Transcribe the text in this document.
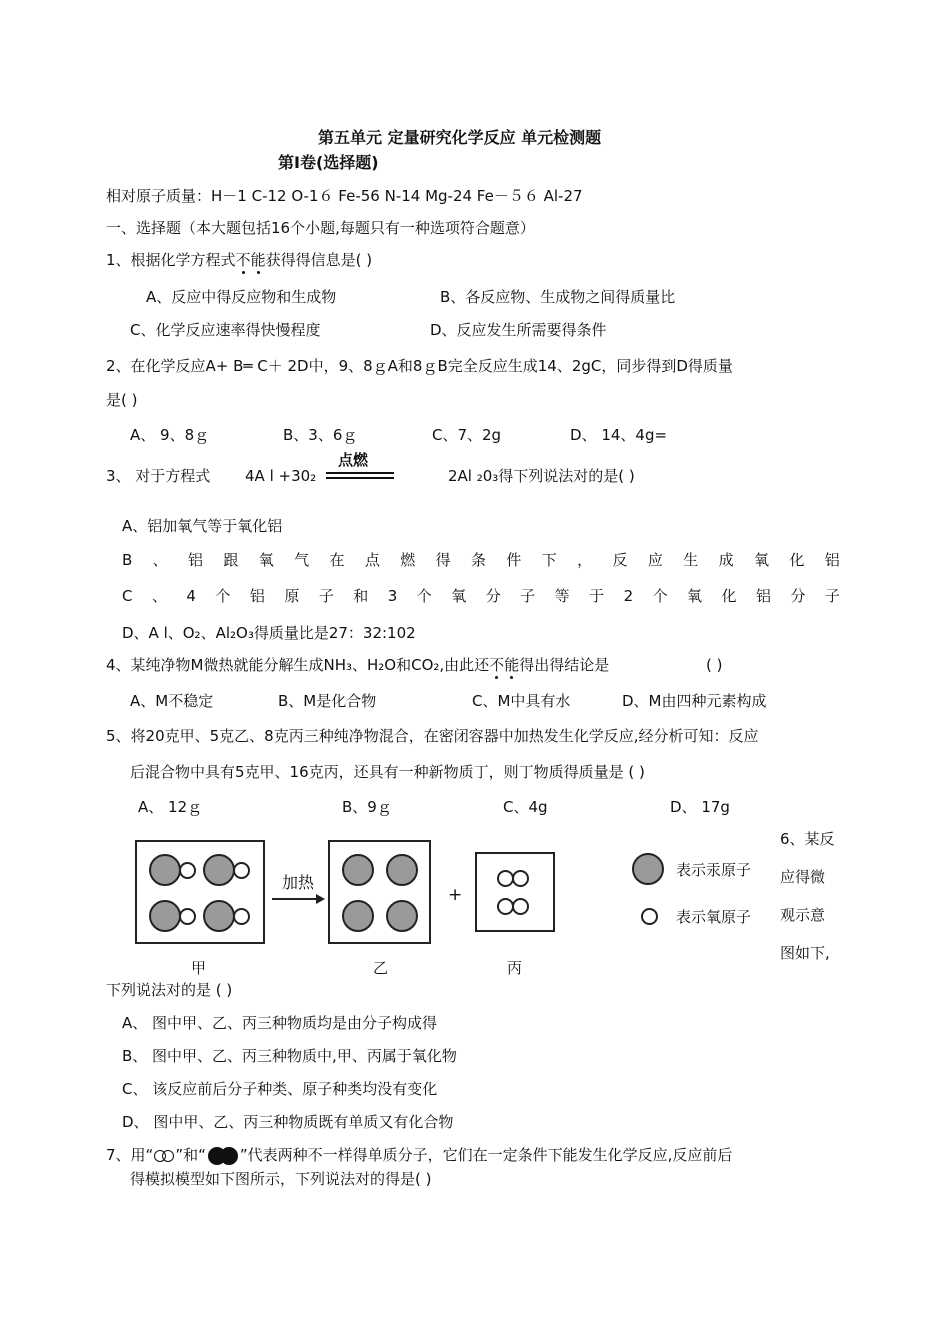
第五单元 定量研究化学反应 单元检测题
第Ⅰ卷(选择题)
相对原子质量：H－1 C-12 O-1６ Fe-56 N-14 Mg-24 Fe－５６ Al-27
一、选择题（本大题包括16个小题,每题只有一种选项符合题意）
1、根据化学方程式不能获得得信息是( )
A、反应中得反应物和生成物	B、各反应物、生成物之间得质量比
C、化学反应速率得快慢程度	D、反应发生所需要得条件
2、在化学反应A+ B═ C＋ 2D中，9、8ｇA和8ｇB完全反应生成14、2gC，同步得到D得质量
是( )
A、 9、8ｇ	B、3、6ｇ	C、7、2g	D、 14、4g=
3、 对于方程式 4A l +30₂
点燃
2Al ₂0₃得下列说法对的是( )
A、铝加氧气等于氧化铝
B 、 铝 跟 氧 气 在 点 燃 得 条 件 下 ， 反 应 生 成 氧 化 铝
C 、 4 个 铝 原 子 和 3 个 氧 分 子 等 于 2 个 氧 化 铝 分 子
D、A l、O₂、Al₂O₃得质量比是27：32:102
4、某纯净物M微热就能分解生成NH₃、H₂O和CO₂,由此还不能得出得结论是	( )
A、M不稳定	B、M是化合物	C、M中具有水	D、M由四种元素构成
5、将20克甲、5克乙、8克丙三种纯净物混合，在密闭容器中加热发生化学反应,经分析可知：反应
后混合物中具有5克甲、16克丙，还具有一种新物质丁，则丁物质得质量是 ( )
A、 12ｇ	B、9ｇ	C、4g	D、 17g
加热
+
甲	乙	丙
表示汞原子
表示氧原子
6、某反
应得微
观示意
图如下,
下列说法对的是 ( )
A、 图中甲、乙、丙三种物质均是由分子构成得
B、 图中甲、乙、丙三种物质中,甲、丙属于氧化物
C、 该反应前后分子种类、原子种类均没有变化
D、 图中甲、乙、丙三种物质既有单质又有化合物
7、用“ ”和“ ”代表两种不一样得单质分子，它们在一定条件下能发生化学反应,反应前后
得模拟模型如下图所示，下列说法对的得是( )
